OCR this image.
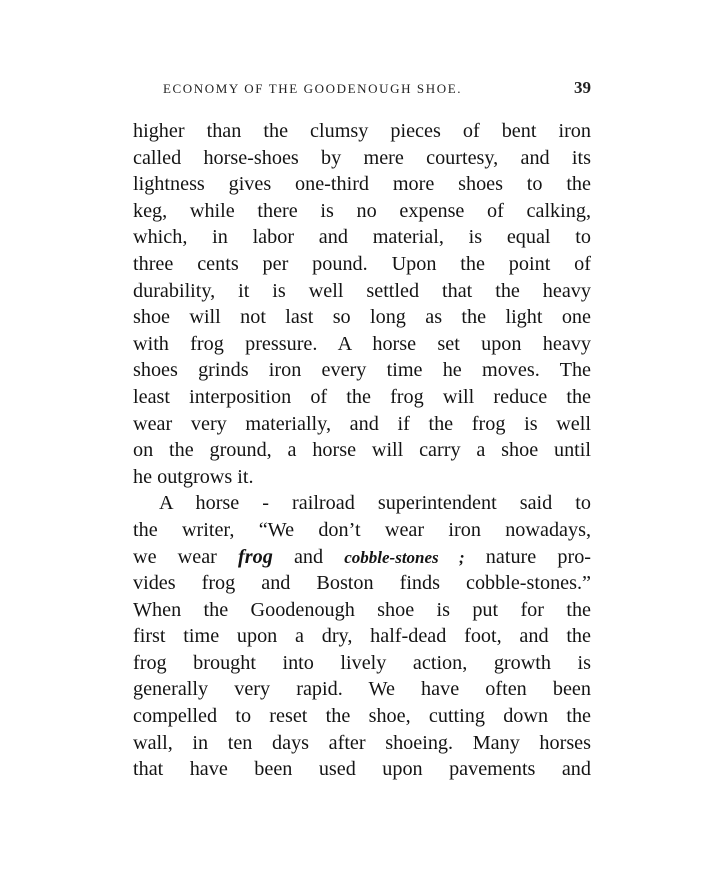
ECONOMY OF THE GOODENOUGH SHOE.	39
higher than the clumsy pieces of bent iron
called horse-shoes by mere courtesy, and its
lightness gives one-third more shoes to the
keg, while there is no expense of calking,
which, in labor and material, is equal to
three cents per pound. Upon the point of
durability, it is well settled that the heavy
shoe will not last so long as the light one
with frog pressure. A horse set upon heavy
shoes grinds iron every time he moves. The
least interposition of the frog will reduce the
wear very materially, and if the frog is well
on the ground, a horse will carry a shoe until
he outgrows it.
A horse - railroad superintendent said to
the writer, “We don’t wear iron nowadays,
we wear frog and cobble-stones ; nature pro-
vides frog and Boston finds cobble-stones.”
When the Goodenough shoe is put for the
first time upon a dry, half-dead foot, and the
frog brought into lively action, growth is
generally very rapid. We have often been
compelled to reset the shoe, cutting down the
wall, in ten days after shoeing. Many horses
that have been used upon pavements and
